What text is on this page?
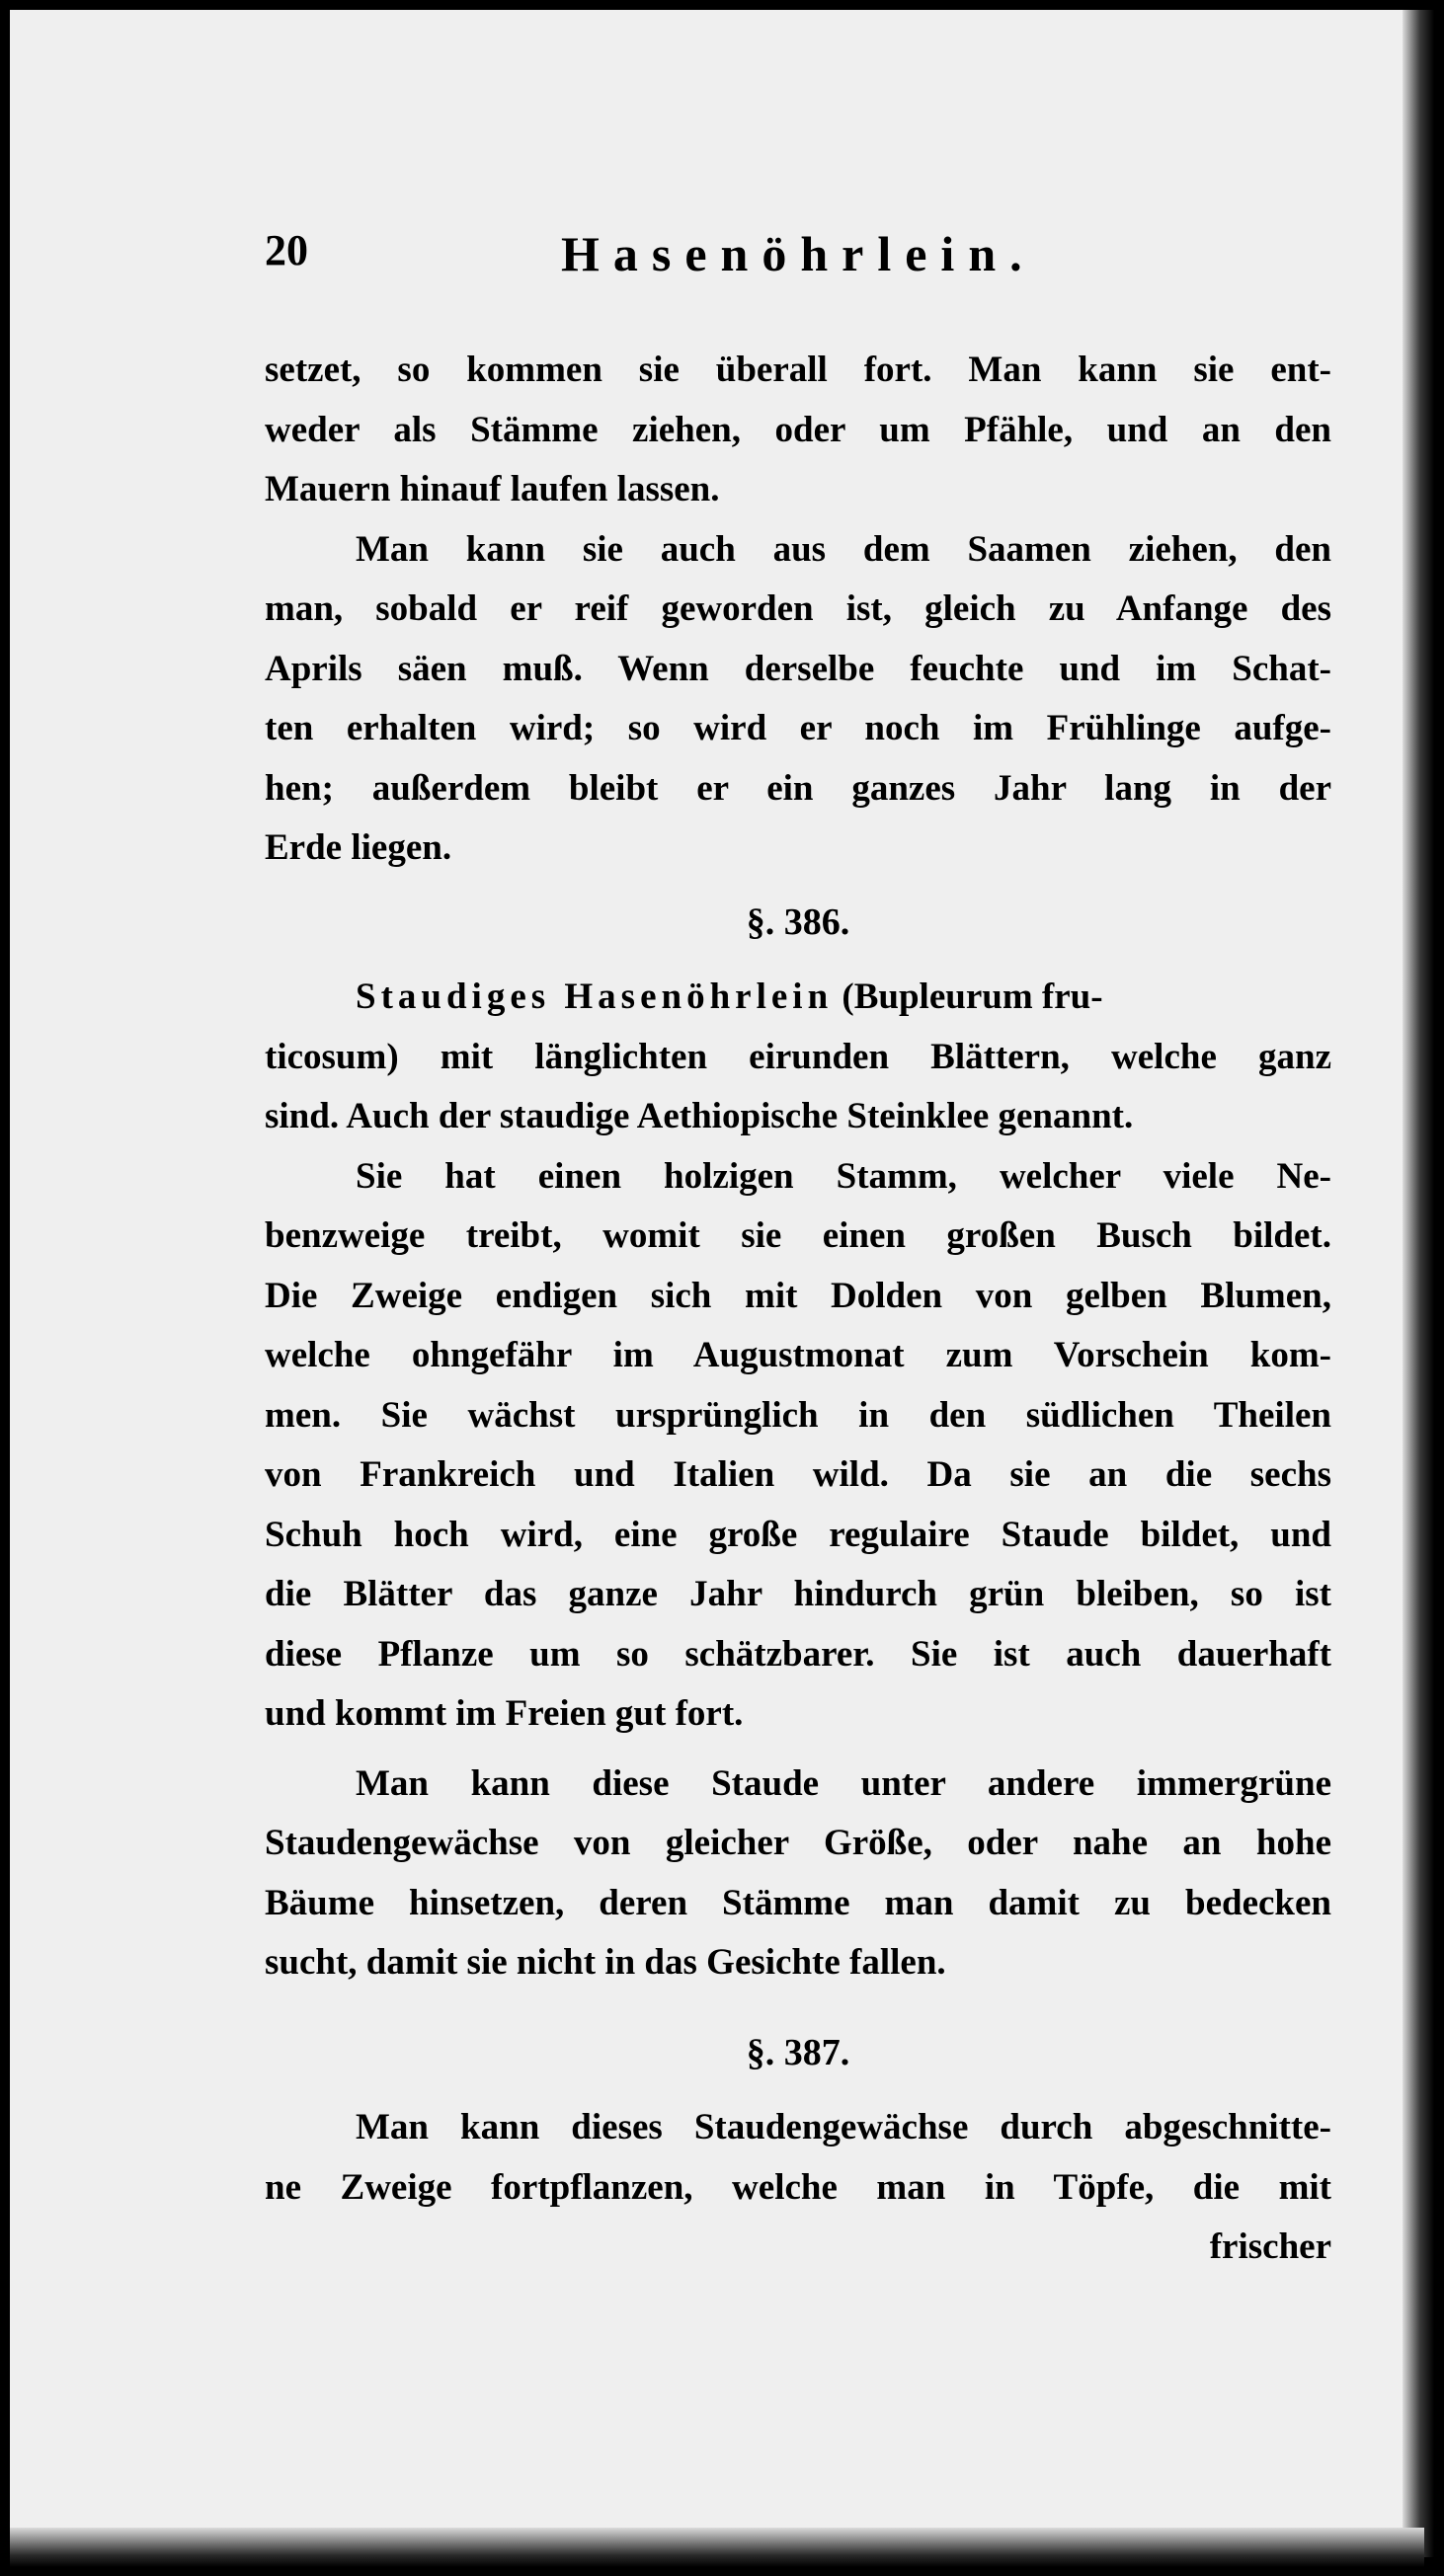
20	Hasenöhrlein.
setzet, so kommen sie überall fort. Man kann sie ent-
weder als Stämme ziehen, oder um Pfähle, und an den
Mauern hinauf laufen lassen.
Man kann sie auch aus dem Saamen ziehen, den
man, sobald er reif geworden ist, gleich zu Anfange des
Aprils säen muß. Wenn derselbe feuchte und im Schat-
ten erhalten wird; so wird er noch im Frühlinge aufge-
hen; außerdem bleibt er ein ganzes Jahr lang in der
Erde liegen.
§. 386.
Staudiges Hasenöhrlein (Bupleurum fru-
ticosum) mit länglichten eirunden Blättern, welche ganz
sind. Auch der staudige Aethiopische Steinklee genannt.
Sie hat einen holzigen Stamm, welcher viele Ne-
benzweige treibt, womit sie einen großen Busch bildet.
Die Zweige endigen sich mit Dolden von gelben Blumen,
welche ohngefähr im Augustmonat zum Vorschein kom-
men. Sie wächst ursprünglich in den südlichen Theilen
von Frankreich und Italien wild. Da sie an die sechs
Schuh hoch wird, eine große regulaire Staude bildet, und
die Blätter das ganze Jahr hindurch grün bleiben, so ist
diese Pflanze um so schätzbarer. Sie ist auch dauerhaft
und kommt im Freien gut fort.
Man kann diese Staude unter andere immergrüne
Staudengewächse von gleicher Größe, oder nahe an hohe
Bäume hinsetzen, deren Stämme man damit zu bedecken
sucht, damit sie nicht in das Gesichte fallen.
§. 387.
Man kann dieses Staudengewächse durch abgeschnitte-
ne Zweige fortpflanzen, welche man in Töpfe, die mit
frischer
